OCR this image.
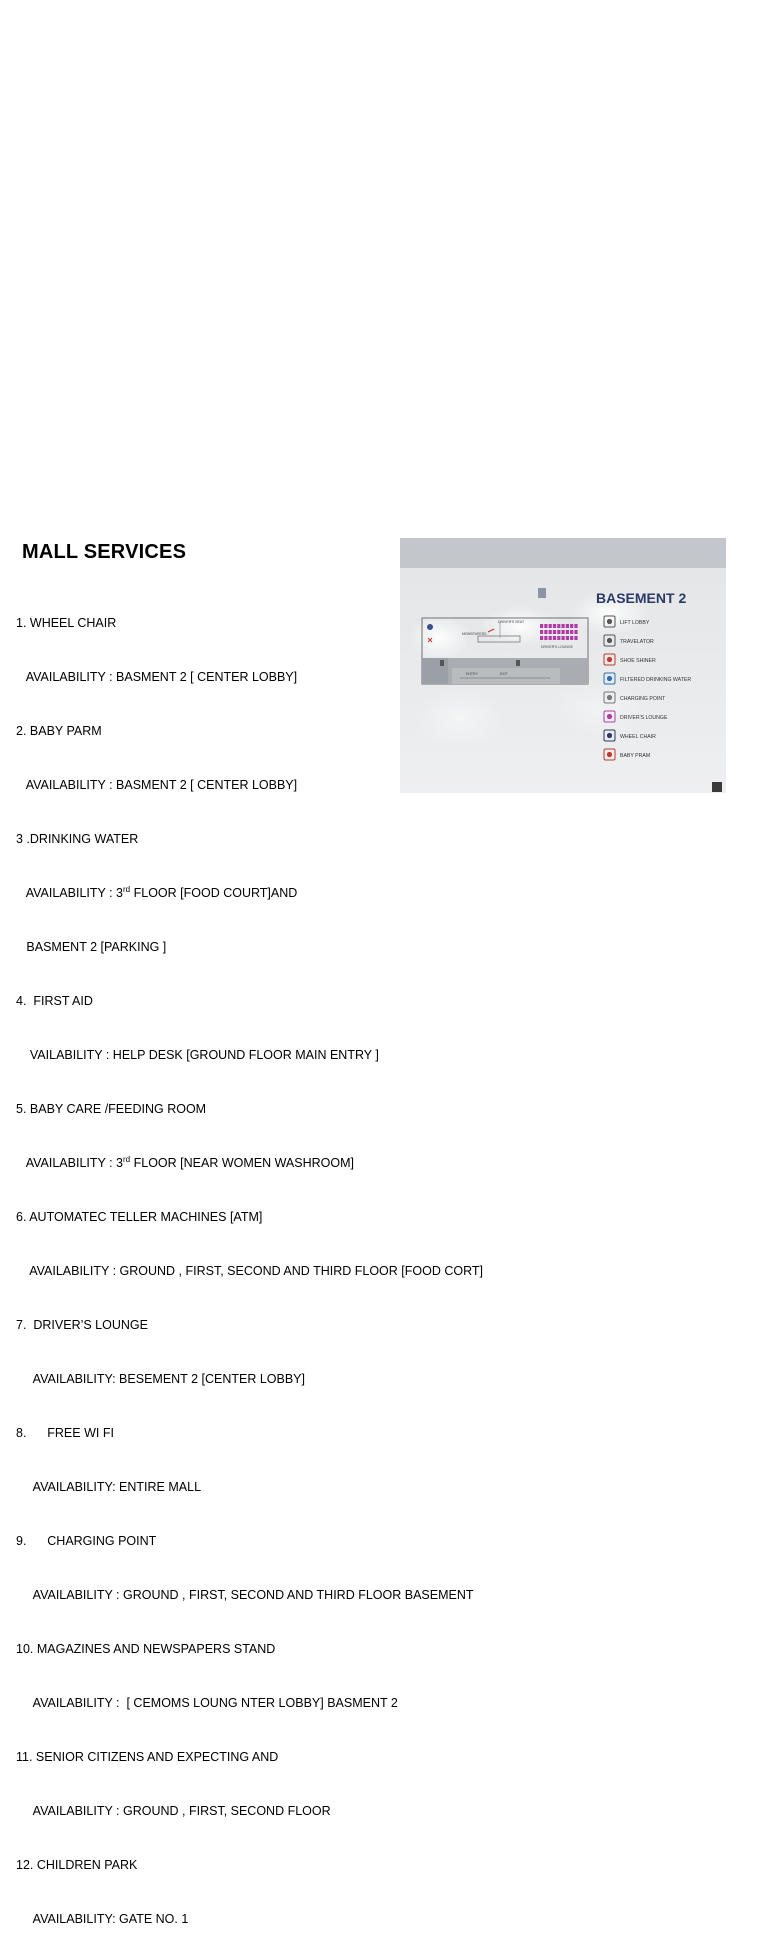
MALL SERVICES

1. WHEEL CHAIR

AVAILABILITY : BASMENT 2 [ CENTER LOBBY]

2. BABY PARM

AVAILABILITY : BASMENT 2 [ CENTER LOBBY]

3 .DRINKING WATER

AVAILABILITY : 3rd FLOOR [FOOD COURT]AND

BASMENT 2 [PARKING ]

4.  FIRST AID

VAILABILITY : HELP DESK [GROUND FLOOR MAIN ENTRY ]

5. BABY CARE /FEEDING ROOM

AVAILABILITY : 3rd FLOOR [NEAR WOMEN WASHROOM]

6. AUTOMATEC TELLER MACHINES [ATM]

AVAILABILITY : GROUND , FIRST, SECOND AND THIRD FLOOR [FOOD CORT]

7.  DRIVER’S LOUNGE

AVAILABILITY: BESEMENT 2 [CENTER LOBBY]

8.      FREE WI FI

AVAILABILITY: ENTIRE MALL

9.      CHARGING POINT

AVAILABILITY : GROUND , FIRST, SECOND AND THIRD FLOOR BASEMENT

10. MAGAZINES AND NEWSPAPERS STAND

AVAILABILITY :  [ CEMOMS LOUNG NTER LOBBY] BASMENT 2

11. SENIOR CITIZENS AND EXPECTING AND

AVAILABILITY : GROUND , FIRST, SECOND FLOOR

12. CHILDREN PARK

AVAILABILITY: GATE NO. 1

BASEMENT 2
NEWSPAPERS
DRIVER'S SEAT
DRIVER'S LOUNGE
ENTRY	EXIT
LIFT LOBBY
TRAVELATOR
SHOE SHINER
FILTERED DRINKING WATER
CHARGING POINT
DRIVER'S LOUNGE
WHEEL CHAIR
BABY PRAM
